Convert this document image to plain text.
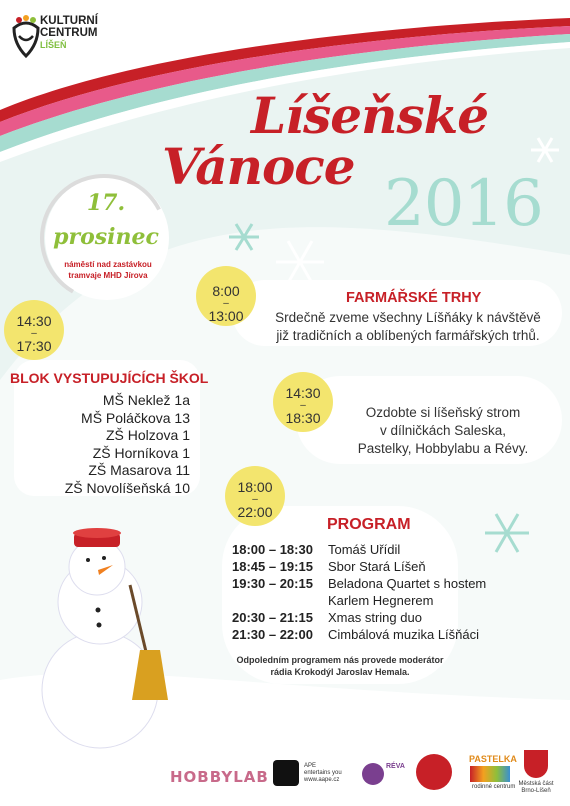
KULTURNÍ
CENTRUM
LÍŠEŇ
Líšeňské
Vánoce
2016
17.
prosinec
náměstí nad zastávkou
tramvaje MHD Jírova
8:00
–
13:00
FARMÁŘSKÉ TRHY
Srdečně zveme všechny Líšňáky k návštěvě
již tradičních a oblíbených farmářských trhů.
14:30
–
17:30
BLOK VYSTUPUJÍCÍCH ŠKOL
MŠ Neklež 1a
MŠ Poláčkova 13
ZŠ Holzova 1
ZŠ Horníkova 1
ZŠ Masarova 11
ZŠ Novolíšeňská 10
14:30
–
18:30	Ozdobte si líšeňský strom
v dílničkách Saleska,
Pastelky, Hobbylabu a Révy.
18:00
–
22:00
PROGRAM
18:00 – 18:30 Tomáš Uřídil
18:45 – 19:15 Sbor Stará Líšeň
19:30 – 20:15 Beladona Quartet s hostem
Karlem Hegnerem
20:30 – 21:15 Xmas string duo
21:30 – 22:00 Cimbálová muzika Líšňáci
Odpoledním programem nás provede moderátor
rádia Krokodýl Jaroslav Hemala.
HOBBYLAB
APE
entertains you
www.aape.cz
RÉVA
PASTELKA
rodinné centrum Městská část
Brno-Líšeň
